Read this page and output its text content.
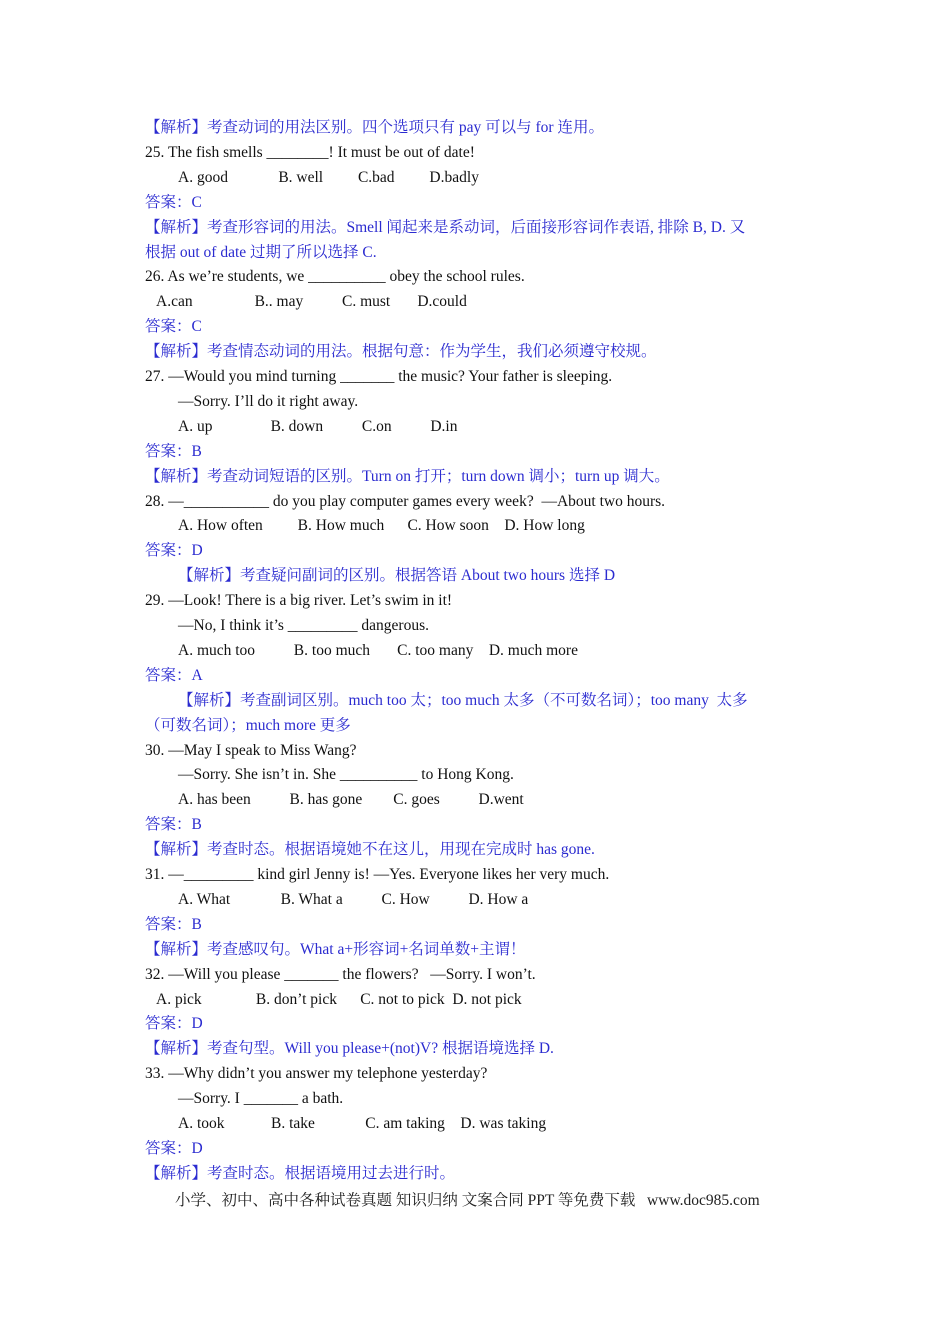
【解析】考查动词的用法区别。四个选项只有 pay 可以与 for 连用。
25. The fish smells ________! It must be out of date!
A. good             B. well         C.bad         D.badly
答案：C
【解析】考查形容词的用法。Smell 闻起来是系动词，后面接形容词作表语, 排除 B, D. 又
根据 out of date 过期了所以选择 C.
26. As we’re students, we __________ obey the school rules.
A.can                B.. may          C. must       D.could
答案：C
【解析】考查情态动词的用法。根据句意：作为学生，我们必须遵守校规。
27. —Would you mind turning _______ the music? Your father is sleeping.
—Sorry. I’ll do it right away.
A. up               B. down          C.on          D.in
答案：B
【解析】考查动词短语的区别。Turn on 打开；turn down 调小；turn up 调大。
28. —___________ do you play computer games every week?  —About two hours.
A. How often         B. How much      C. How soon    D. How long
答案：D
【解析】考查疑问副词的区别。根据答语 About two hours 选择 D
29. —Look! There is a big river. Let’s swim in it!
—No, I think it’s _________ dangerous.
A. much too          B. too much       C. too many    D. much more
答案：A
【解析】考查副词区别。much too 太；too much 太多（不可数名词）；too many  太多
（可数名词）；much more 更多
30. —May I speak to Miss Wang?
—Sorry. She isn’t in. She __________ to Hong Kong.
A. has been          B. has gone        C. goes          D.went
答案：B
【解析】考查时态。根据语境她不在这儿，用现在完成时 has gone.
31. —_________ kind girl Jenny is! —Yes. Everyone likes her very much.
A. What             B. What a          C. How          D. How a
答案：B
【解析】考查感叹句。What a+形容词+名词单数+主谓！
32. —Will you please _______ the flowers?   —Sorry. I won’t.
A. pick              B. don’t pick      C. not to pick  D. not pick
答案：D
【解析】考查句型。Will you please+(not)V? 根据语境选择 D.
33. —Why didn’t you answer my telephone yesterday?
—Sorry. I _______ a bath.
A. took            B. take             C. am taking    D. was taking
答案：D
【解析】考查时态。根据语境用过去进行时。
小学、初中、高中各种试卷真题 知识归纳 文案合同 PPT 等免费下载   www.doc985.com
